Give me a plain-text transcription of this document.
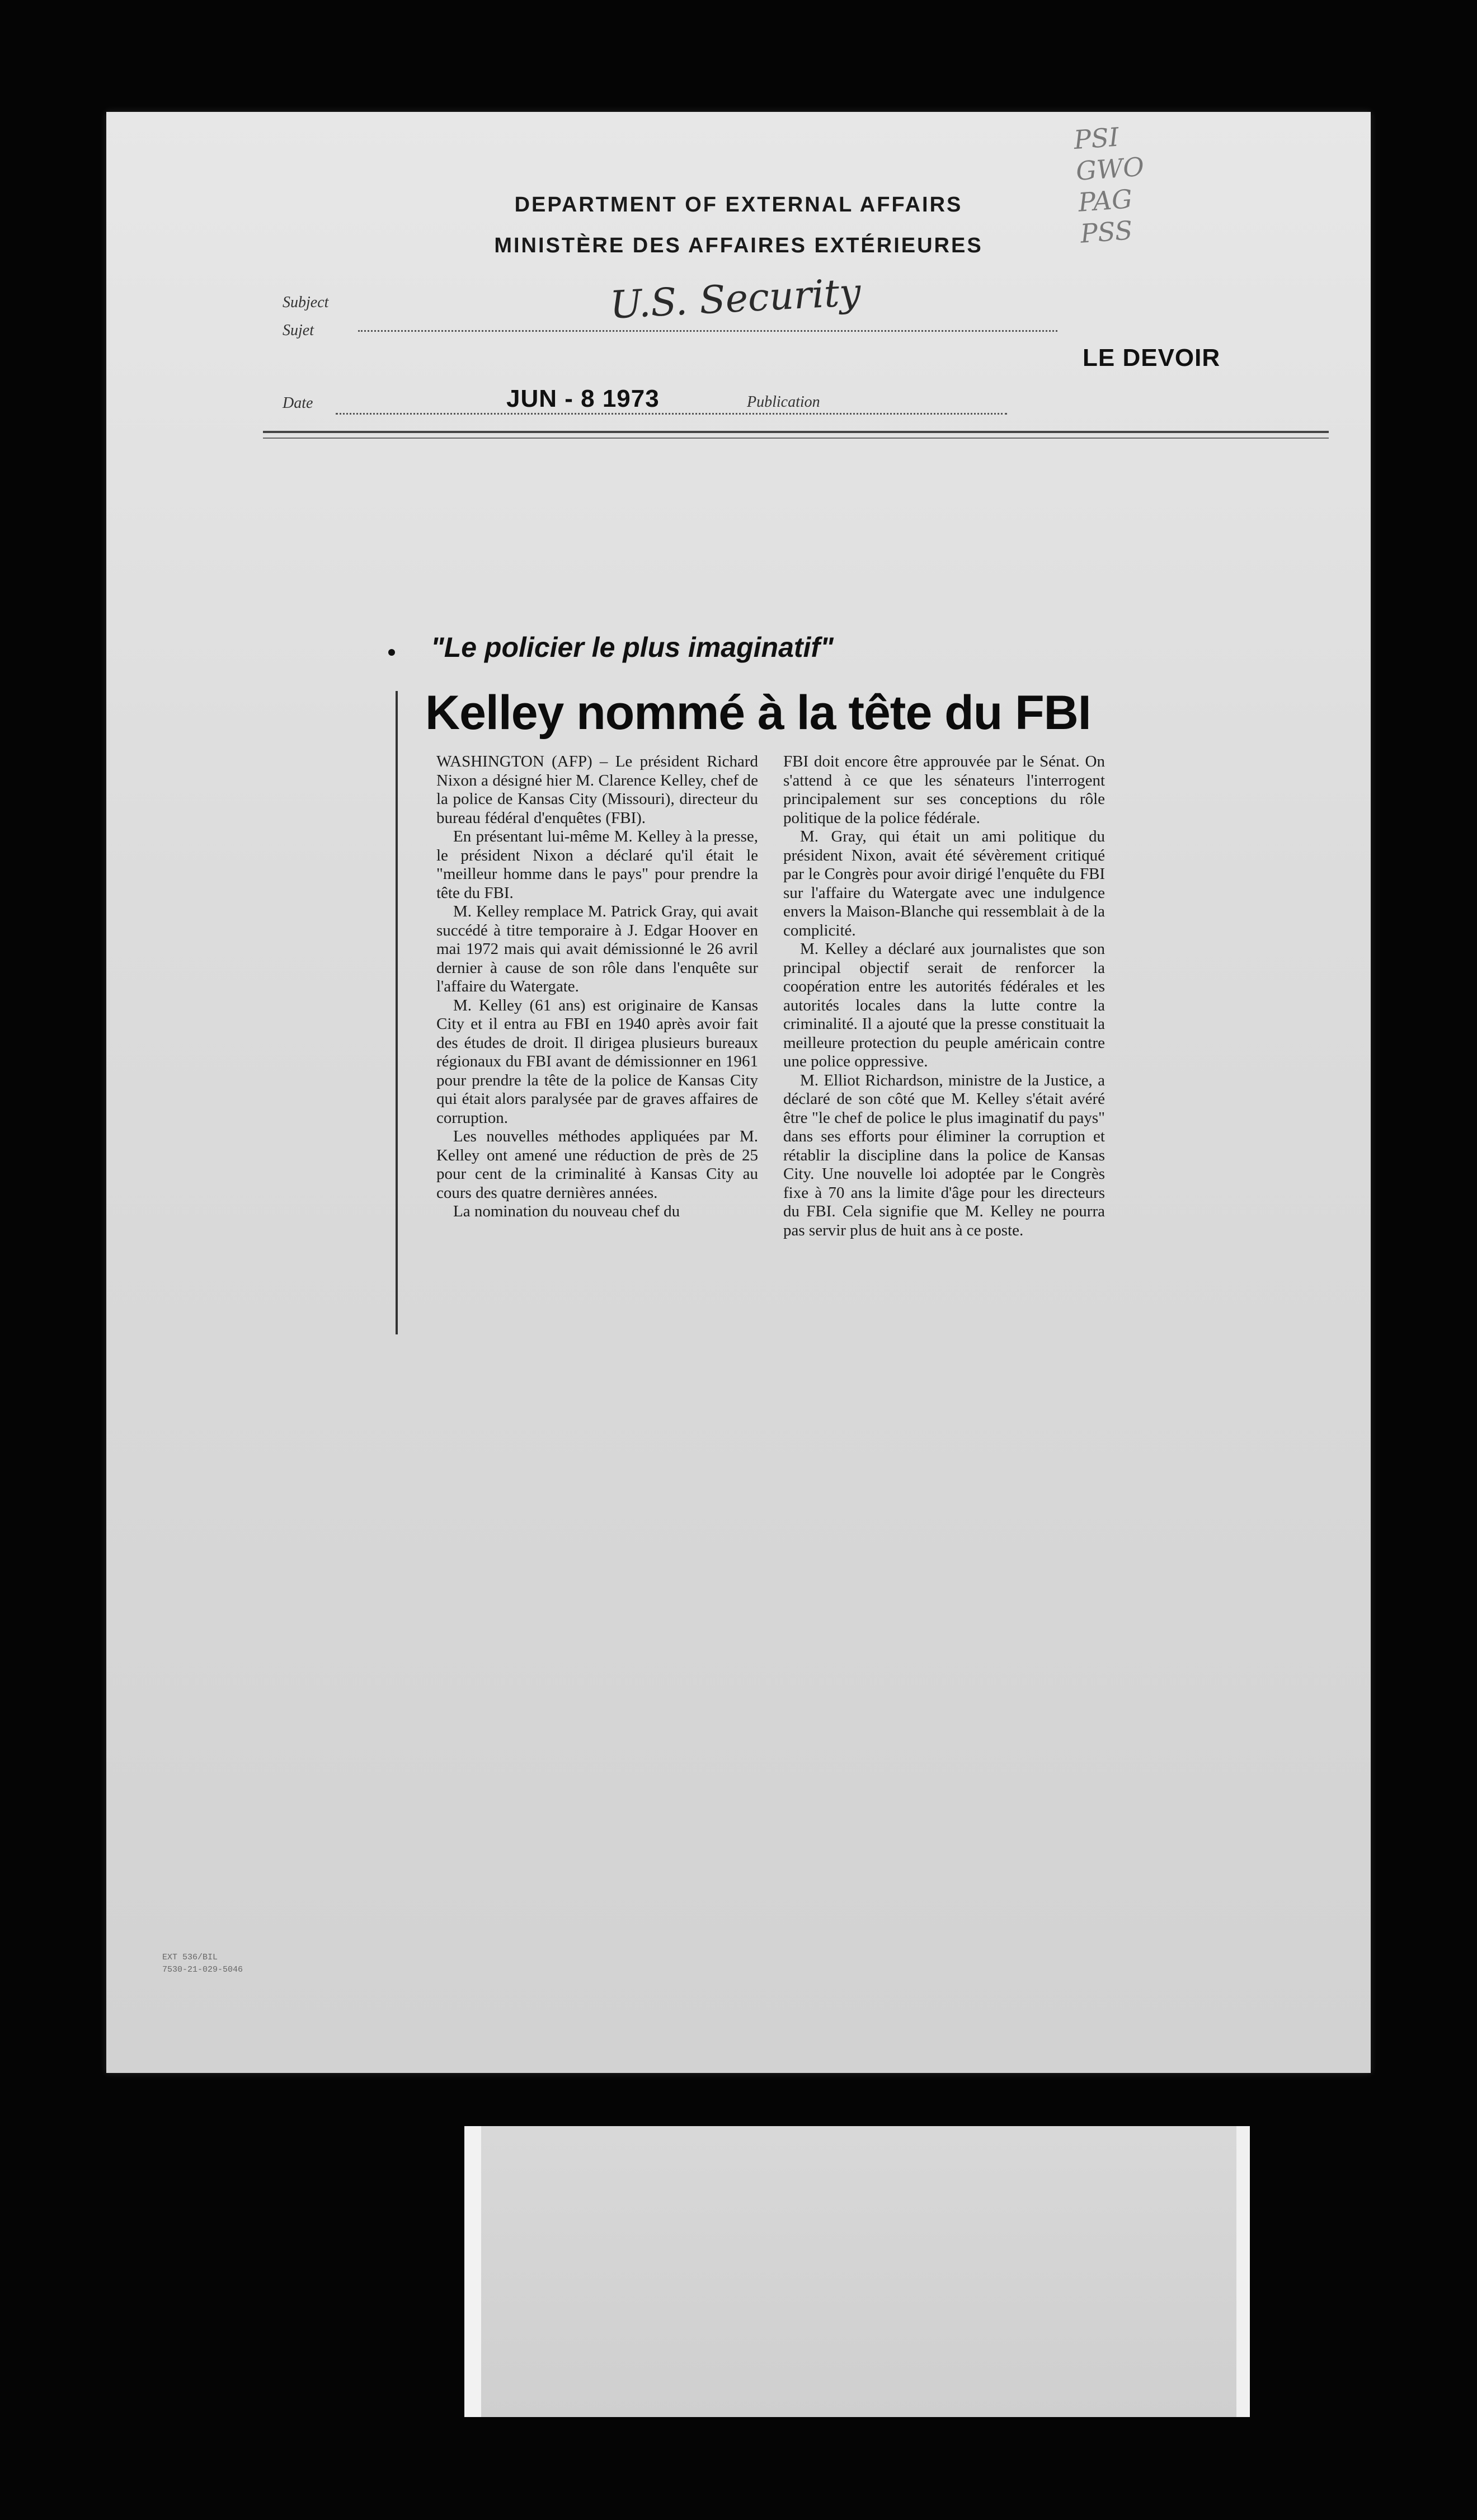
PSI
GWO
PAG
PSS
DEPARTMENT OF EXTERNAL AFFAIRS
MINISTÈRE DES AFFAIRES EXTÉRIEURES
Subject
Sujet
U.S. Security
Date	JUN - 8 1973	Publication
LE DEVOIR
"Le policier le plus imaginatif"
Kelley nommé à la tête du FBI

WASHINGTON (AFP) – Le président Richard Nixon a désigné hier M. Clarence Kelley, chef de la police de Kansas City (Missouri), directeur du bureau fédéral d'enquêtes (FBI).

En présentant lui-même M. Kelley à la presse, le président Nixon a déclaré qu'il était le "meilleur homme dans le pays" pour prendre la tête du FBI.

M. Kelley remplace M. Patrick Gray, qui avait succédé à titre temporaire à J. Edgar Hoover en mai 1972 mais qui avait démissionné le 26 avril dernier à cause de son rôle dans l'enquête sur l'affaire du Watergate.

M. Kelley (61 ans) est originaire de Kansas City et il entra au FBI en 1940 après avoir fait des études de droit. Il dirigea plusieurs bureaux régionaux du FBI avant de démissionner en 1961 pour prendre la tête de la police de Kansas City qui était alors paralysée par de graves affaires de corruption.

Les nouvelles méthodes appliquées par M. Kelley ont amené une réduction de près de 25 pour cent de la criminalité à Kansas City au cours des quatre dernières années.

La nomination du nouveau chef du

FBI doit encore être approuvée par le Sénat. On s'attend à ce que les sénateurs l'interrogent principalement sur ses conceptions du rôle politique de la police fédérale.

M. Gray, qui était un ami politique du président Nixon, avait été sévèrement critiqué par le Congrès pour avoir dirigé l'enquête du FBI sur l'affaire du Watergate avec une indulgence envers la Maison-Blanche qui ressemblait à de la complicité.

M. Kelley a déclaré aux journalistes que son principal objectif serait de renforcer la coopération entre les autorités fédérales et les autorités locales dans la lutte contre la criminalité. Il a ajouté que la presse constituait la meilleure protection du peuple américain contre une police oppressive.

M. Elliot Richardson, ministre de la Justice, a déclaré de son côté que M. Kelley s'était avéré être "le chef de police le plus imaginatif du pays" dans ses efforts pour éliminer la corruption et rétablir la discipline dans la police de Kansas City. Une nouvelle loi adoptée par le Congrès fixe à 70 ans la limite d'âge pour les directeurs du FBI. Cela signifie que M. Kelley ne pourra pas servir plus de huit ans à ce poste.

EXT 536/BIL
7530-21-029-5046
